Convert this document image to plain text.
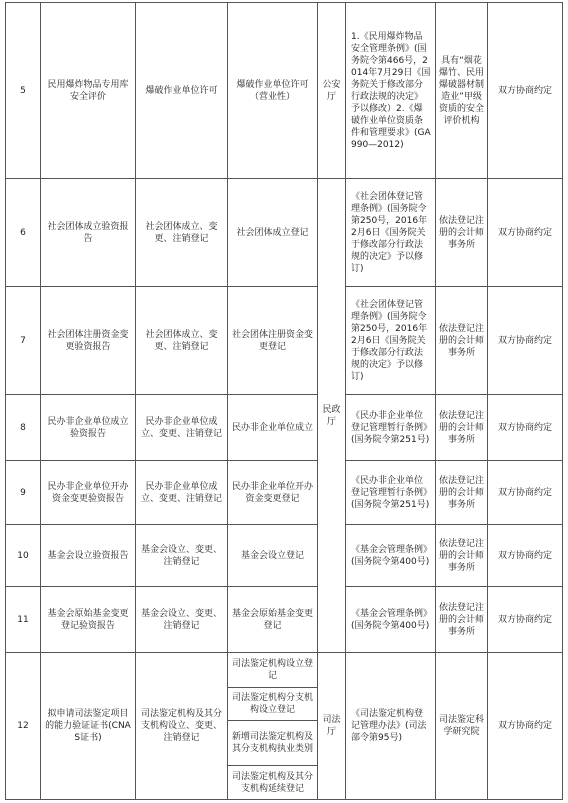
5	民用爆炸物品专用库安全评价	爆破作业单位许可	爆破作业单位许可（营业性）	公安厅	1.《民用爆炸物品安全管理条例》(国务院令第466号，2014年7月29日《国务院关于修改部分行政法规的决定》予以修改）2.《爆破作业单位资质条件和管理要求》(GA990—2012)	具有“烟花爆竹、民用爆破器材制造业”甲级资质的安全评价机构	双方协商约定
6	社会团体成立验资报告	社会团体成立、变更、注销登记	社会团体成立登记	民政厅	《社会团体登记管理条例》(国务院令第250号，2016年2月6日《国务院关于修改部分行政法规的决定》予以修订)	依法登记注册的会计师事务所	双方协商约定
7	社会团体注册资金变更验资报告	社会团体成立、变更、注销登记	社会团体注册资金变更登记		《社会团体登记管理条例》(国务院令第250号，2016年2月6日《国务院关于修改部分行政法规的决定》予以修订)	依法登记注册的会计师事务所	双方协商约定
8	民办非企业单位成立验资报告	民办非企业单位成立、变更、注销登记	民办非企业单位成立		《民办非企业单位登记管理暂行条例》(国务院令第251号)	依法登记注册的会计师事务所	双方协商约定
9	民办非企业单位开办资金变更验资报告	民办非企业单位成立、变更、注销登记	民办非企业单位开办资金变更登记		《民办非企业单位登记管理暂行条例》(国务院令第251号)	依法登记注册的会计师事务所	双方协商约定
10	基金会设立验资报告	基金会设立、变更、注销登记	基金会设立登记		《基金会管理条例》(国务院令第400号)	依法登记注册的会计师事务所	双方协商约定
11	基金会原始基金变更登记验资报告	基金会设立、变更、注销登记	基金会原始基金变更登记		《基金会管理条例》(国务院令第400号)	依法登记注册的会计师事务所	双方协商约定
12	拟申请司法鉴定项目的能力验证证书(CNAS证书)	司法鉴定机构及其分支机构设立、变更、注销登记	司法鉴定机构设立登记	司法厅	《司法鉴定机构登记管理办法》(司法部令第95号)	司法鉴定科学研究院	双方协商约定
			司法鉴定机构分支机构设立登记				
			新增司法鉴定机构及其分支机构执业类别				
			司法鉴定机构及其分支机构延续登记				
